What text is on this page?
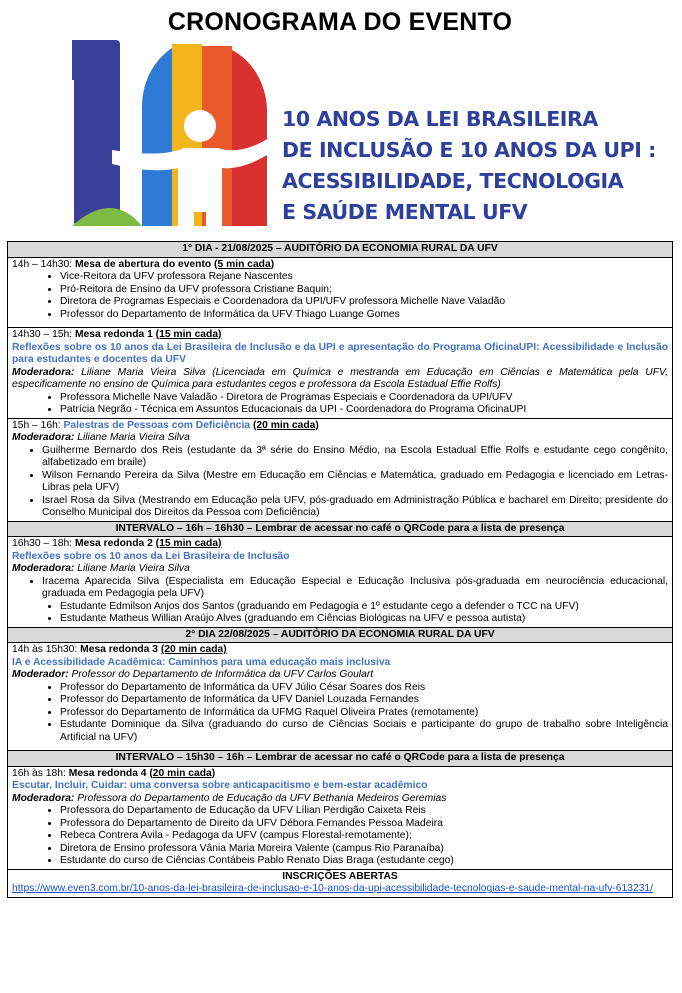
CRONOGRAMA DO EVENTO
10 ANOS DA LEI BRASILEIRA
DE INCLUSÃO E 10 ANOS DA UPI :
ACESSIBILIDADE, TECNOLOGIA
E SAÚDE MENTAL UFV
1° DIA - 21/08/2025 – AUDITÓRIO DA ECONOMIA RURAL DA UFV

14h – 14h30: Mesa de abertura do evento (5 min cada)
• Vice-Reitora da UFV professora Rejane Nascentes
• Pró-Reitora de Ensino da UFV professora Cristiane Baquin;
• Diretora de Programas Especiais e Coordenadora da UPI/UFV professora Michelle Nave Valadão
• Professor do Departamento de Informática da UFV Thiago Luange Gomes

14h30 – 15h: Mesa redonda 1 (15 min cada)
Reflexões sobre os 10 anos da Lei Brasileira de Inclusão e da UPI e apresentação do Programa OficinaUPI: Acessibilidade e Inclusão para estudantes e docentes da UFV
Moderadora: Liliane Maria Vieira Silva (Licenciada em Química e mestranda em Educação em Ciências e Matemática pela UFV, especificamente no ensino de Química para estudantes cegos e professora da Escola Estadual Effie Rolfs)
• Professora Michelle Nave Valadão - Diretora de Programas Especiais e Coordenadora da UPI/UFV
• Patrícia Negrão - Técnica em Assuntos Educacionais da UPI - Coordenadora do Programa OficinaUPI

15h – 16h: Palestras de Pessoas com Deficiência (20 min cada)
Moderadora: Liliane Maria Vieira Silva

• Guilherme Bernardo dos Reis (estudante da 3ª série do Ensino Médio, na Escola Estadual Effie Rolfs e estudante cego congênito, alfabetizado em braile)

• Wilson Fernando Pereira da Silva (Mestre em Educação em Ciências e Matemática, graduado em Pedagogia e licenciado em Letras-Libras pela UFV)

• Israel Rosa da Silva (Mestrando em Educação pela UFV, pós-graduado em Administração Pública e bacharel em Direito; presidente do Conselho Municipal dos Direitos da Pessoa com Deficiência)

INTERVALO – 16h – 16h30 – Lembrar de acessar no café o QRCode para a lista de presença

16h30 – 18h: Mesa redonda 2 (15 min cada)
Reflexões sobre os 10 anos da Lei Brasileira de Inclusão
Moderadora: Liliane Maria Vieira Silva

• Iracema Aparecida Silva (Especialista em Educação Especial e Educação Inclusiva pós-graduada em neurociência educacional, graduada em Pedagogia pela UFV)

• Estudante Edmilson Anjos dos Santos (graduando em Pedagogia e 1º estudante cego a defender o TCC na UFV)
• Estudante Matheus Willian Araújo Alves (graduando em Ciências Biológicas na UFV e pessoa autista)

2° DIA 22/08/2025 – AUDITÓRIO DA ECONOMIA RURAL DA UFV

14h às 15h30: Mesa redonda 3 (20 min cada)
IA e Acessibilidade Acadêmica: Caminhos para uma educação mais inclusiva
Moderador: Professor do Departamento de Informática da UFV Carlos Goulart
• Professor do Departamento de Informática da UFV Júlio César Soares dos Reis
• Professor do Departamento de Informática da UFV Daniel Louzada Fernandes
• Professor do Departamento de Informática da UFMG Raquel Oliveira Prates (remotamente)

• Estudante Dominique da Silva (graduando do curso de Ciências Sociais e participante do grupo de trabalho sobre Inteligência Artificial na UFV)

INTERVALO – 15h30 – 16h – Lembrar de acessar no café o QRCode para a lista de presença

16h às 18h: Mesa redonda 4 (20 min cada)
Escutar, Incluir, Cuidar: uma conversa sobre anticapacitismo e bem-estar acadêmico
Moderadora: Professora do Departamento de Educação da UFV Bethania Medeiros Geremias
• Professora do Departamento de Educação da UFV Lílian Perdigão Caixeta Reis
• Professora do Departamento de Direito da UFV Débora Fernandes Pessoa Madeira
• Rebeca Contrera Avila - Pedagoga da UFV (campus Florestal-remotamente);
• Diretora de Ensino professora Vânia Maria Moreira Valente (campus Rio Paranaíba)
• Estudante do curso de Ciências Contábeis Pablo Renato Dias Braga (estudante cego)

INSCRIÇÕES ABERTAS
https://www.even3.com.br/10-anos-da-lei-brasileira-de-inclusao-e-10-anos-da-upi-acessibilidade-tecnologias-e-saude-mental-na-ufv-613231/
